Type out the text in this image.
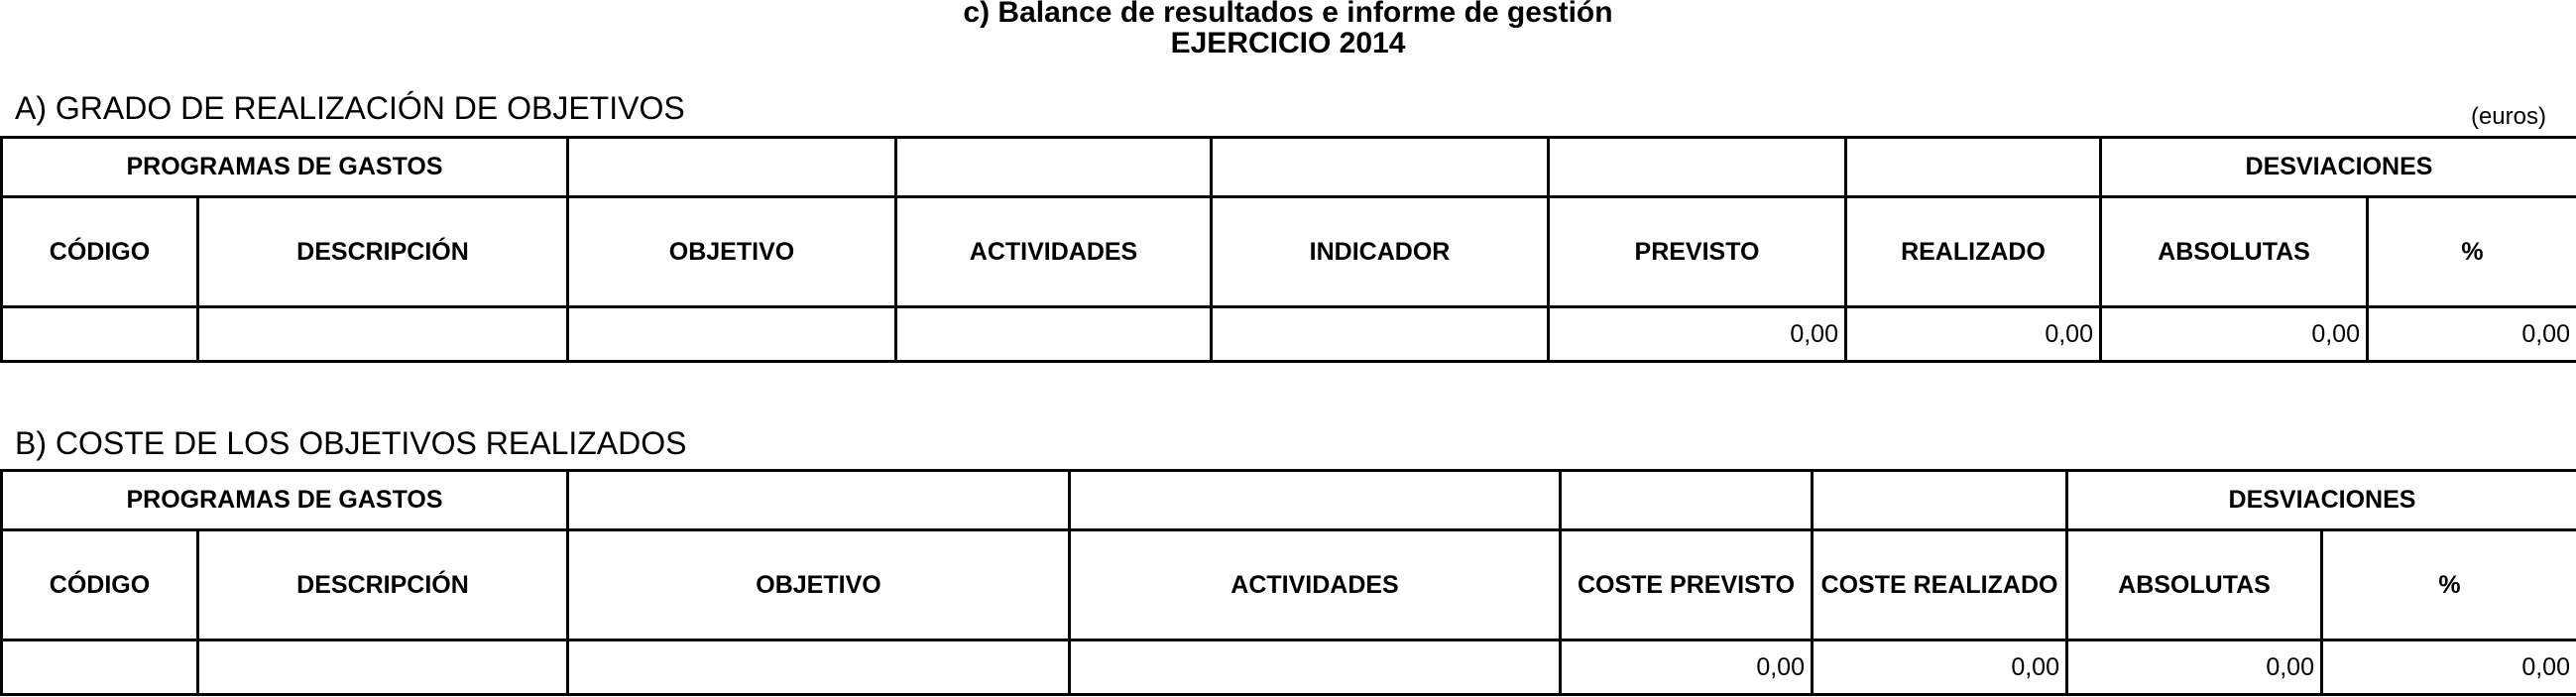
c) Balance de resultados e informe de gestión
EJERCICIO 2014
A) GRADO DE REALIZACIÓN DE OBJETIVOS	(euros)
PROGRAMAS DE GASTOS							DESVIACIONES	
CÓDIGO	DESCRIPCIÓN	OBJETIVO	ACTIVIDADES	INDICADOR	PREVISTO	REALIZADO	ABSOLUTAS	%
					0,00	0,00	0,00	0,00
B) COSTE DE LOS OBJETIVOS REALIZADOS
PROGRAMAS DE GASTOS						DESVIACIONES	
CÓDIGO	DESCRIPCIÓN	OBJETIVO	ACTIVIDADES	COSTE PREVISTO	COSTE REALIZADO	ABSOLUTAS	%
				0,00	0,00	0,00	0,00
